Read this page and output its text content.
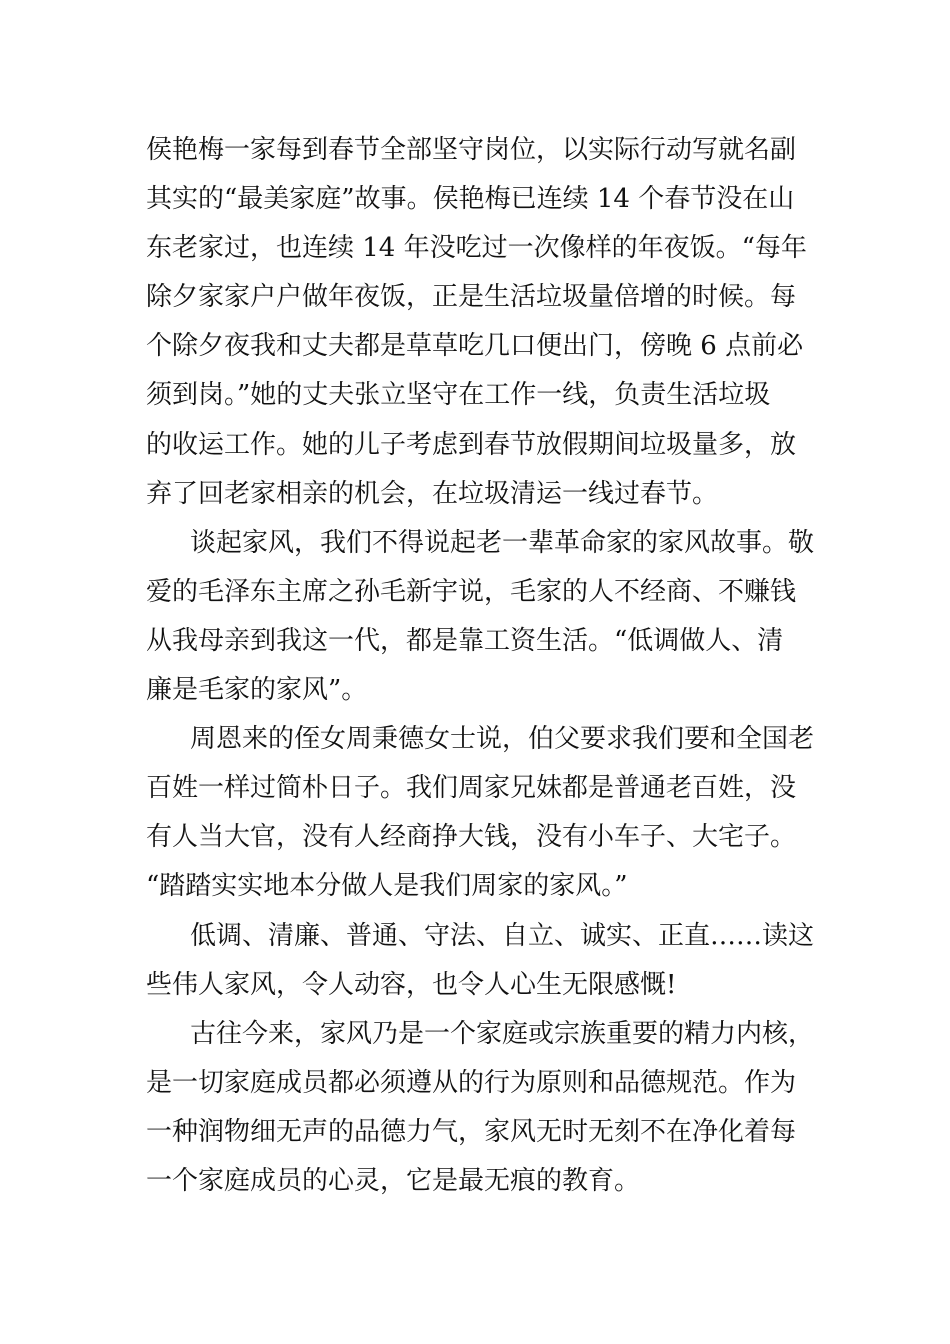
侯艳梅一家每到春节全部坚守岗位，以实际行动写就名副
其实的“最美家庭”故事。侯艳梅已连续 14 个春节没在山
东老家过，也连续 14 年没吃过一次像样的年夜饭。“每年
除夕家家户户做年夜饭，正是生活垃圾量倍增的时候。每
个除夕夜我和丈夫都是草草吃几口便出门，傍晚 6 点前必
须到岗。”她的丈夫张立坚守在工作一线，负责生活垃圾
的收运工作。她的儿子考虑到春节放假期间垃圾量多，放
弃了回老家相亲的机会，在垃圾清运一线过春节。

谈起家风，我们不得说起老一辈革命家的家风故事。敬
爱的毛泽东主席之孙毛新宇说，毛家的人不经商、不赚钱
从我母亲到我这一代，都是靠工资生活。“低调做人、清
廉是毛家的家风”。

周恩来的侄女周秉德女士说，伯父要求我们要和全国老
百姓一样过简朴日子。我们周家兄妹都是普通老百姓，没
有人当大官，没有人经商挣大钱，没有小车子、大宅子。
“踏踏实实地本分做人是我们周家的家风。”

低调、清廉、普通、守法、自立、诚实、正直……读这
些伟人家风，令人动容，也令人心生无限感慨!

古往今来，家风乃是一个家庭或宗族重要的精力内核，
是一切家庭成员都必须遵从的行为原则和品德规范。作为
一种润物细无声的品德力气，家风无时无刻不在净化着每
一个家庭成员的心灵，它是最无痕的教育。
